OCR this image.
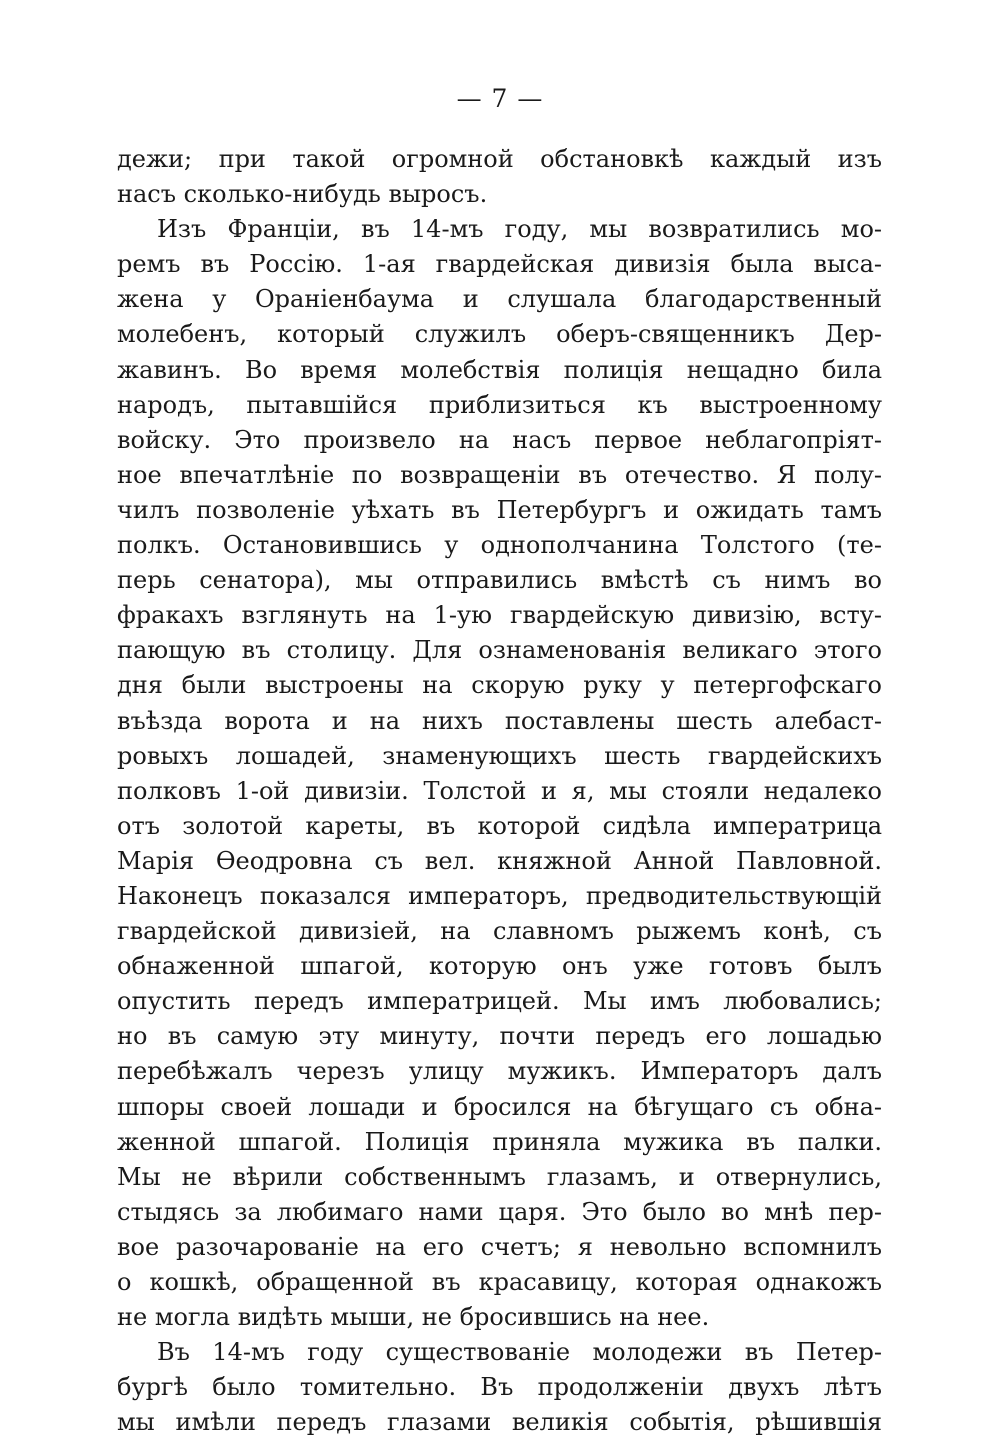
— 7 —
дежи; при такой огромной обстановкѣ каждый изъ
насъ сколько-нибудь выросъ.
Изъ Франціи, въ 14-мъ году, мы возвратились мо-
ремъ въ Россію. 1-ая гвардейская дивизія была выса-
жена у Ораніенбаума и слушала благодарственный
молебенъ, который служилъ оберъ-священникъ Дер-
жавинъ. Во время молебствія полиція нещадно била
народъ, пытавшійся приблизиться къ выстроенному
войску. Это произвело на насъ первое неблагопріят-
ное впечатлѣніе по возвращеніи въ отечество. Я полу-
чилъ позволеніе уѣхать въ Петербургъ и ожидать тамъ
полкъ. Остановившись у однополчанина Толстого (те-
перь сенатора), мы отправились вмѣстѣ съ нимъ во
фракахъ взглянуть на 1-ую гвардейскую дивизію, всту-
пающую въ столицу. Для ознаменованія великаго этого
дня были выстроены на скорую руку у петергофскаго
въѣзда ворота и на нихъ поставлены шесть алебаст-
ровыхъ лошадей, знаменующихъ шесть гвардейскихъ
полковъ 1-ой дивизіи. Толстой и я, мы стояли недалеко
отъ золотой кареты, въ которой сидѣла императрица
Марія Ѳеодровна съ вел. княжной Анной Павловной.
Наконецъ показался императоръ, предводительствующій
гвардейской дивизіей, на славномъ рыжемъ конѣ, съ
обнаженной шпагой, которую онъ уже готовъ былъ
опустить передъ императрицей. Мы имъ любовались;
но въ самую эту минуту, почти передъ его лошадью
перебѣжалъ черезъ улицу мужикъ. Императоръ далъ
шпоры своей лошади и бросился на бѣгущаго съ обна-
женной шпагой. Полиція приняла мужика въ палки.
Мы не вѣрили собственнымъ глазамъ, и отвернулись,
стыдясь за любимаго нами царя. Это было во мнѣ пер-
вое разочарованіе на его счетъ; я невольно вспомнилъ
о кошкѣ, обращенной въ красавицу, которая однакожъ
не могла видѣть мыши, не бросившись на нее.
Въ 14-мъ году существованіе молодежи въ Петер-
бургѣ было томительно. Въ продолженіи двухъ лѣтъ
мы имѣли передъ глазами великія событія, рѣшившія
